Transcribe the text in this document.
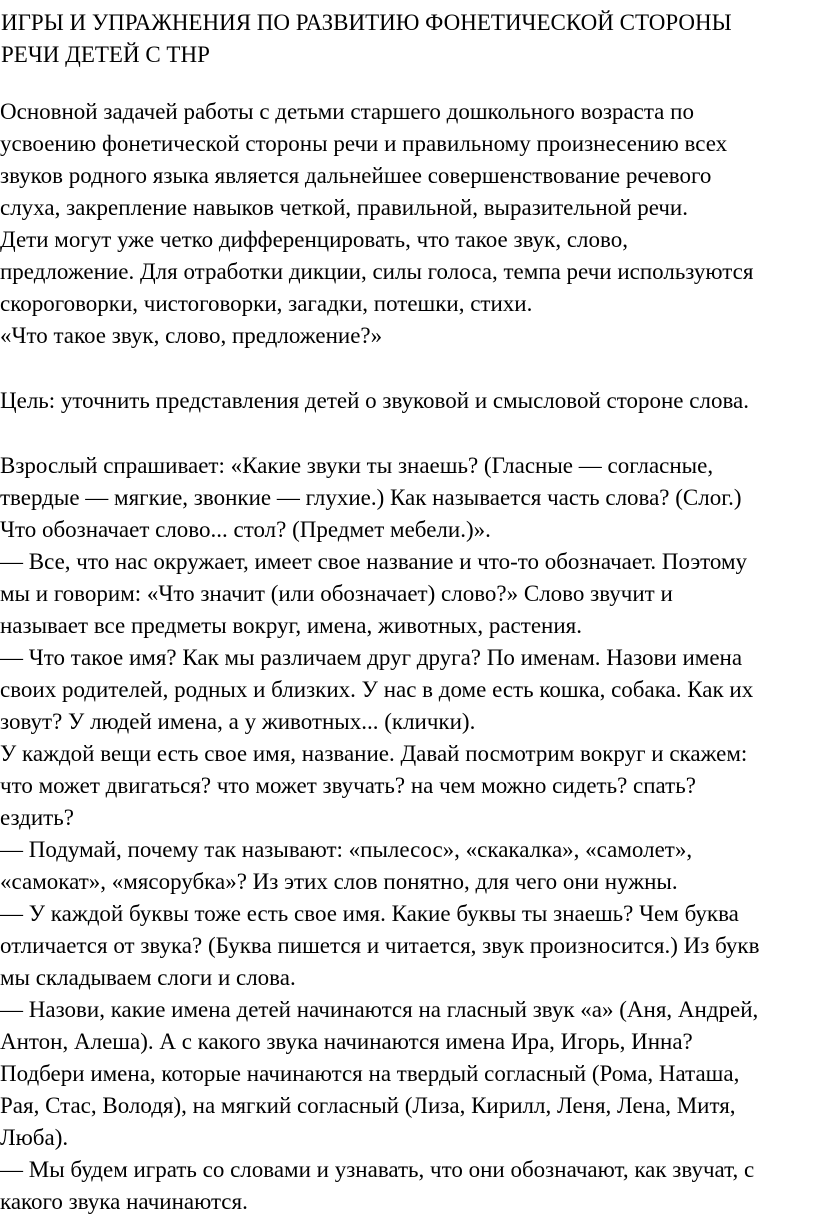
ИГРЫ И УПРАЖНЕНИЯ ПО РАЗВИТИЮ ФОНЕТИЧЕСКОЙ СТОРОНЫ
РЕЧИ ДЕТЕЙ С ТНР
Основной задачей работы с детьми старшего дошкольного возраста по
усвоению фонетической стороны речи и правильному произнесению всех
звуков родного языка является дальнейшее совершенствование речевого
слуха, закрепление навыков четкой, правильной, выразительной речи.
Дети могут уже четко дифференцировать, что такое звук, слово,
предложение. Для отработки дикции, силы голоса, темпа речи используются
скороговорки, чистоговорки, загадки, потешки, стихи.
«Что такое звук, слово, предложение?»
Цель: уточнить представления детей о звуковой и смысловой стороне слова.
Взрослый спрашивает: «Какие звуки ты знаешь? (Гласные — согласные,
твердые — мягкие, звонкие — глухие.) Как называется часть слова? (Слог.)
Что обозначает слово... стол? (Предмет мебели.)».
— Все, что нас окружает, имеет свое название и что-то обозначает. Поэтому
мы и говорим: «Что значит (или обозначает) слово?» Слово звучит и
называет все предметы вокруг, имена, животных, растения.
— Что такое имя? Как мы различаем друг друга? По именам. Назови имена
своих родителей, родных и близких. У нас в доме есть кошка, собака. Как их
зовут? У людей имена, а у животных... (клички).
У каждой вещи есть свое имя, название. Давай посмотрим вокруг и скажем:
что может двигаться? что может звучать? на чем можно сидеть? спать?
ездить?
— Подумай, почему так называют: «пылесос», «скакалка», «самолет»,
«самокат», «мясорубка»? Из этих слов понятно, для чего они нужны.
— У каждой буквы тоже есть свое имя. Какие буквы ты знаешь? Чем буква
отличается от звука? (Буква пишется и читается, звук произносится.) Из букв
мы складываем слоги и слова.
— Назови, какие имена детей начинаются на гласный звук «а» (Аня, Андрей,
Антон, Алеша). А с какого звука начинаются имена Ира, Игорь, Инна?
Подбери имена, которые начинаются на твердый согласный (Рома, Наташа,
Рая, Стас, Володя), на мягкий согласный (Лиза, Кирилл, Леня, Лена, Митя,
Люба).
— Мы будем играть со словами и узнавать, что они обозначают, как звучат, с
какого звука начинаются.
